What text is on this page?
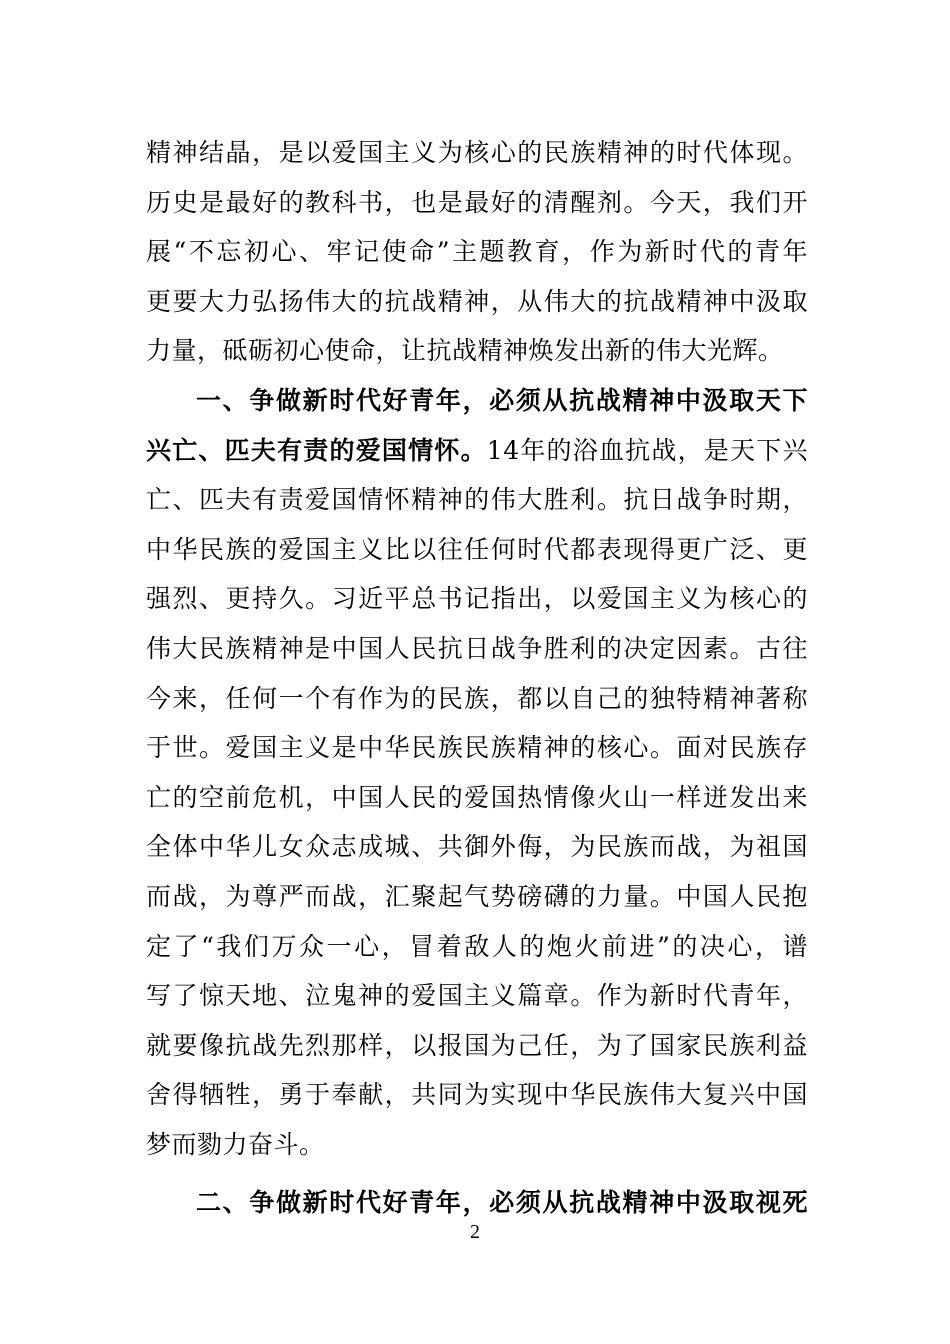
精神结晶，是以爱国主义为核心的民族精神的时代体现。
历史是最好的教科书，也是最好的清醒剂。今天，我们开
展“不忘初心、牢记使命”主题教育，作为新时代的青年
更要大力弘扬伟大的抗战精神，从伟大的抗战精神中汲取
力量，砥砺初心使命，让抗战精神焕发出新的伟大光辉。
一、争做新时代好青年，必须从抗战精神中汲取天下
兴亡、匹夫有责的爱国情怀。14年的浴血抗战，是天下兴
亡、匹夫有责爱国情怀精神的伟大胜利。抗日战争时期，
中华民族的爱国主义比以往任何时代都表现得更广泛、更
强烈、更持久。习近平总书记指出，以爱国主义为核心的
伟大民族精神是中国人民抗日战争胜利的决定因素。古往
今来，任何一个有作为的民族，都以自己的独特精神著称
于世。爱国主义是中华民族民族精神的核心。面对民族存
亡的空前危机，中国人民的爱国热情像火山一样迸发出来
全体中华儿女众志成城、共御外侮，为民族而战，为祖国
而战，为尊严而战，汇聚起气势磅礴的力量。中国人民抱
定了“我们万众一心，冒着敌人的炮火前进”的决心，谱
写了惊天地、泣鬼神的爱国主义篇章。作为新时代青年，
就要像抗战先烈那样，以报国为己任，为了国家民族利益
舍得牺牲，勇于奉献，共同为实现中华民族伟大复兴中国
梦而勠力奋斗。
二、争做新时代好青年，必须从抗战精神中汲取视死
2
